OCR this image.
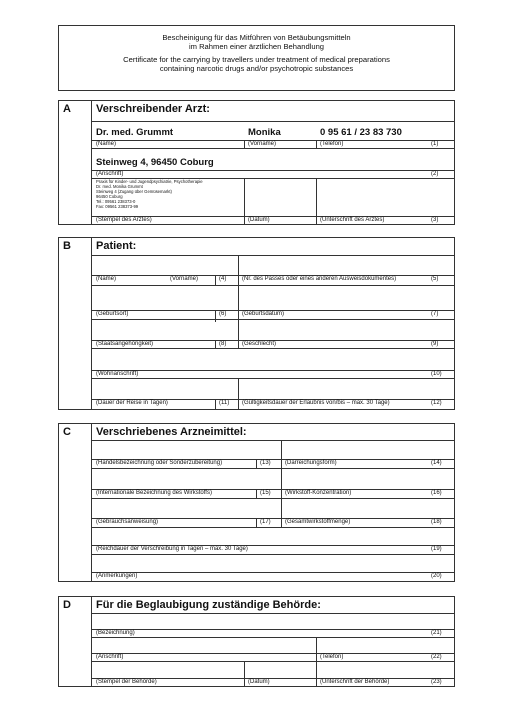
Bescheinigung für das Mitführen von Betäubungsmitteln
im Rahmen einer ärztlichen Behandlung
Certificate for the carrying by travellers under treatment of medical preparations
containing narcotic drugs and/or psychotropic substances
A Verschreibender Arzt:
Dr. med. Grummt	Monika	0 95 61 / 23 83 730
(Name)	(Vorname)	(Telefon)	(1)
Steinweg 4, 96450 Coburg
(Anschrift)	(2)
Praxis für Kinder- und Jugendpsychiatrie, Psychotherapie
Dr. med. Monika Grummt
Steinweg 4 (Zugang über Gemüsemarkt)
96450 Coburg
Tel.: 09561 238373-0
Fax: 09561 238373-99
(Stempel des Arztes)	(Datum)	(Unterschrift des Arztes)	(3)
B Patient:
(Name)	(Vorname)	(4)	(Nr. des Passes oder eines anderen Ausweisdokumentes)	(5)
(Geburtsort)	(6)	(Geburtsdatum)	(7)
(Staatsangehörigkeit)	(8)	(Geschlecht)	(9)
(Wohnanschrift)	(10)
(Dauer der Reise in Tagen)	(11) (Gültigkeitsdauer der Erlaubnis von/bis – max. 30 Tage)	(12)
C Verschriebenes Arzneimittel:
(Handelsbezeichnung oder Sonderzubereitung)	(13) (Darreichungsform)	(14)
(Internationale Bezeichnung des Wirkstoffs)	(15) (Wirkstoff-Konzentration)	(16)
(Gebrauchsanweisung)	(17) (Gesamtwirkstoffmenge)	(18)
(Reichdauer der Verschreibung in Tagen – max. 30 Tage)	(19)
(Anmerkungen)	(20)
D Für die Beglaubigung zuständige Behörde:
(Bezeichnung)	(21)
(Anschrift)	(Telefon)	(22)
(Stempel der Behörde)	(Datum)	(Unterschrift der Behörde)	(23)
